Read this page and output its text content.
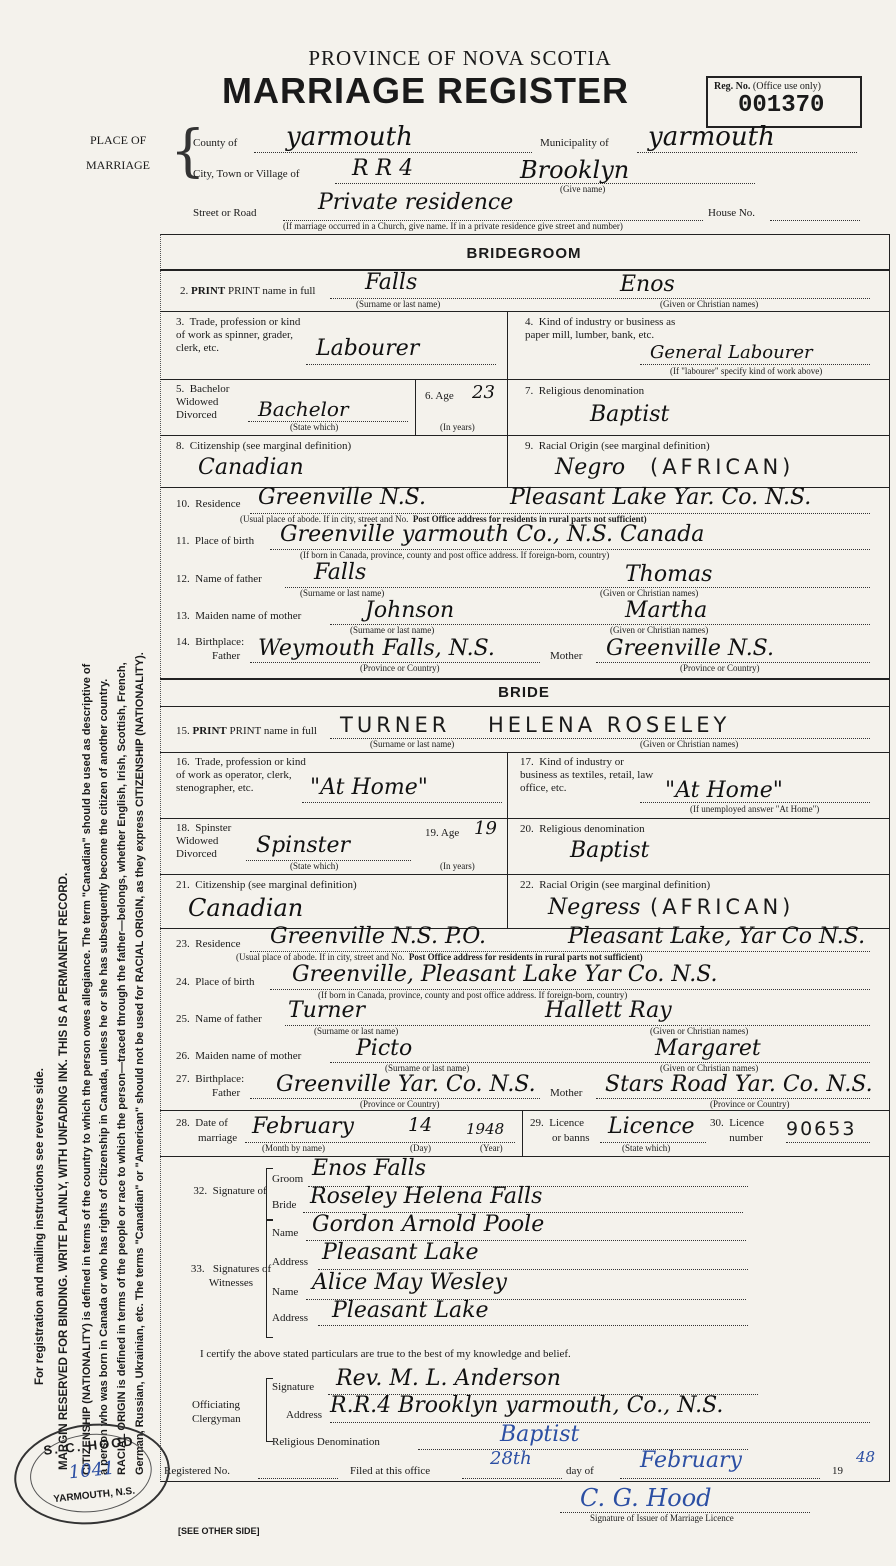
For registration and mailing instructions see reverse side. MARGIN RESERVED FOR BINDING. WRITE PLAINLY, WITH UNFADING INK. THIS IS A PERMANENT RECORD. CITIZENSHIP (NATIONALITY) is defined in terms of the country to which the person owes allegiance. The term "Canadian" should be used as descriptive of a person who was born in Canada or who has rights of Citizenship in Canada, unless he or she has subsequently become the citizen of another country. RACIAL ORIGIN is defined in terms of the people or race to which the person—traced through the father—belongs, whether English, Irish, Scottish, French, German, Russian, Ukrainian, etc. The terms "Canadian" or "American" should not be used for RACIAL ORIGIN, as they express CITIZENSHIP (NATIONALITY).
PROVINCE OF NOVA SCOTIA
MARRIAGE REGISTER	Reg. No. (Office use only)
001370
PLACE OF
MARRIAGE {
County of yarmouth	Municipality of yarmouth
City, Town or Village of R R 4	Brooklyn
(Give name)
Street or Road	Private residence	House No.
(If marriage occurred in a Church, give name. If in a private residence give street and number)
BRIDEGROOM
2. PRINT PRINT name in full Falls	Enos
(Surname or last name)	(Given or Christian names)
3.  Trade, profession or kind of work as spinner, grader, clerk, etc.	Labourer
4.  Kind of industry or business as paper mill, lumber, bank, etc.
General Labourer
(If "labourer" specify kind of work above)
5.  Bachelor Widowed Divorced	Bachelor
(State which)
6. Age 23
(In years)
7.  Religious denomination
Baptist
8.  Citizenship (see marginal definition)
Canadian
9.  Racial Origin (see marginal definition)
Negro (AFRICAN)
10.  Residence Greenville N.S.	Pleasant Lake Yar. Co. N.S.
(Usual place of abode. If in city, street and No. Post Office address for residents in rural parts not sufficient)
11.  Place of birth Greenville yarmouth Co., N.S. Canada
(If born in Canada, province, county and post office address. If foreign-born, country)
12.  Name of father Falls	Thomas
(Surname or last name)	(Given or Christian names)
13.  Maiden name of mother	Johnson	Martha
(Surname or last name)	(Given or Christian names)
14.  Birthplace:
Father Weymouth Falls, N.S.	Mother Greenville N.S.
(Province or Country)	(Province or Country)
BRIDE
15. PRINT PRINT name in full TURNER HELENA ROSELEY
(Surname or last name)	(Given or Christian names)
16.  Trade, profession or kind of work as operator, clerk, stenographer, etc.	"At Home"
17.  Kind of industry or business as textiles, retail, law office, etc.	"At Home"
(If unemployed answer "At Home")
18.  Spinster Widowed Divorced	Spinster
(State which)
19. Age 19
(In years)
20.  Religious denomination
Baptist
21.  Citizenship (see marginal definition)
Canadian
22.  Racial Origin (see marginal definition)
Negress (AFRICAN)
23.  Residence Greenville N.S. P.O.	Pleasant Lake, Yar Co N.S.
(Usual place of abode. If in city, street and No. Post Office address for residents in rural parts not sufficient)
24.  Place of birth Greenville, Pleasant Lake Yar Co. N.S.
(If born in Canada, province, county and post office address. If foreign-born, country)
25.  Name of father Turner	Hallett Ray
(Surname or last name)	(Given or Christian names)
26.  Maiden name of mother Picto	Margaret
(Surname or last name)	(Given or Christian names)
27.  Birthplace:
Father Greenville Yar. Co. N.S. Mother Stars Road Yar. Co. N.S.
(Province or Country)	(Province or Country)
28.  Date of
marriage February	14 1948
(Month by name)	(Day)	(Year)
29.  Licence
or banns Licence
(State which)
30.  Licence
number 90653
32.  Signature of
Groom Enos Falls
Bride Roseley Helena Falls
33.   Signatures of Witnesses
Name Gordon Arnold Poole
Address Pleasant Lake
Name Alice May Wesley
Address Pleasant Lake
I certify the above stated particulars are true to the best of my knowledge and belief.
Officiating
Clergyman
Signature Rev. M. L. Anderson
Address R.R.4 Brooklyn yarmouth, Co., N.S.
Religious Denomination	Baptist
Registered No.	Filed at this office
28th
day of February	19
48
C. G. Hood
Signature of Issuer of Marriage Licence
[SEE OTHER SIDE]
S. C. HOOD
1041
YARMOUTH, N.S.
